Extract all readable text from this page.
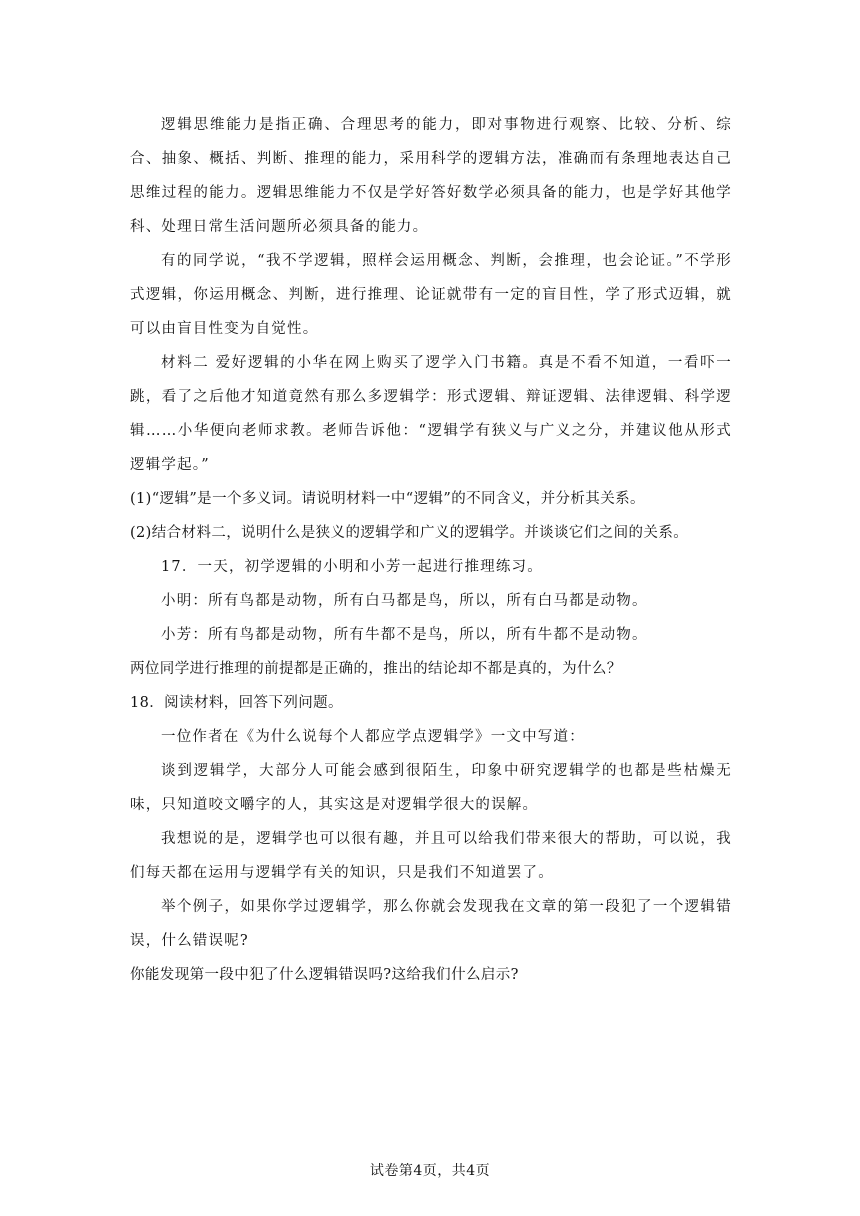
逻辑思维能力是指正确、合理思考的能力，即对事物进行观察、比较、分析、综合、抽象、概括、判断、推理的能力，采用科学的逻辑方法，准确而有条理地表达自己思维过程的能力。逻辑思维能力不仅是学好答好数学必须具备的能力，也是学好其他学科、处理日常生活问题所必须具备的能力。

有的同学说，“我不学逻辑，照样会运用概念、判断，会推理，也会论证。”不学形式逻辑，你运用概念、判断，进行推理、论证就带有一定的盲目性，学了形式迈辑，就可以由盲目性变为自觉性。

材料二 爱好逻辑的小华在网上购买了逻学入门书籍。真是不看不知道，一看吓一跳，看了之后他才知道竟然有那么多逻辑学：形式逻辑、辩证逻辑、法律逻辑、科学逻辑……小华便向老师求教。老师告诉他：“逻辑学有狭义与广义之分，并建议他从形式逻辑学起。”

(1)“逻辑”是一个多义词。请说明材料一中“逻辑”的不同含义，并分析其关系。

(2)结合材料二，说明什么是狭义的逻辑学和广义的逻辑学。并谈谈它们之间的关系。

17．一天，初学逻辑的小明和小芳一起进行推理练习。

小明：所有鸟都是动物，所有白马都是鸟，所以，所有白马都是动物。

小芳：所有鸟都是动物，所有牛都不是鸟，所以，所有牛都不是动物。

两位同学进行推理的前提都是正确的，推出的结论却不都是真的，为什么？

18．阅读材料，回答下列问题。

一位作者在《为什么说每个人都应学点逻辑学》一文中写道：

谈到逻辑学，大部分人可能会感到很陌生，印象中研究逻辑学的也都是些枯燥无味，只知道咬文嚼字的人，其实这是对逻辑学很大的误解。

我想说的是，逻辑学也可以很有趣，并且可以给我们带来很大的帮助，可以说，我们每天都在运用与逻辑学有关的知识，只是我们不知道罢了。

举个例子，如果你学过逻辑学，那么你就会发现我在文章的第一段犯了一个逻辑错误，什么错误呢?

你能发现第一段中犯了什么逻辑错误吗?这给我们什么启示?

试卷第4页，共4页
